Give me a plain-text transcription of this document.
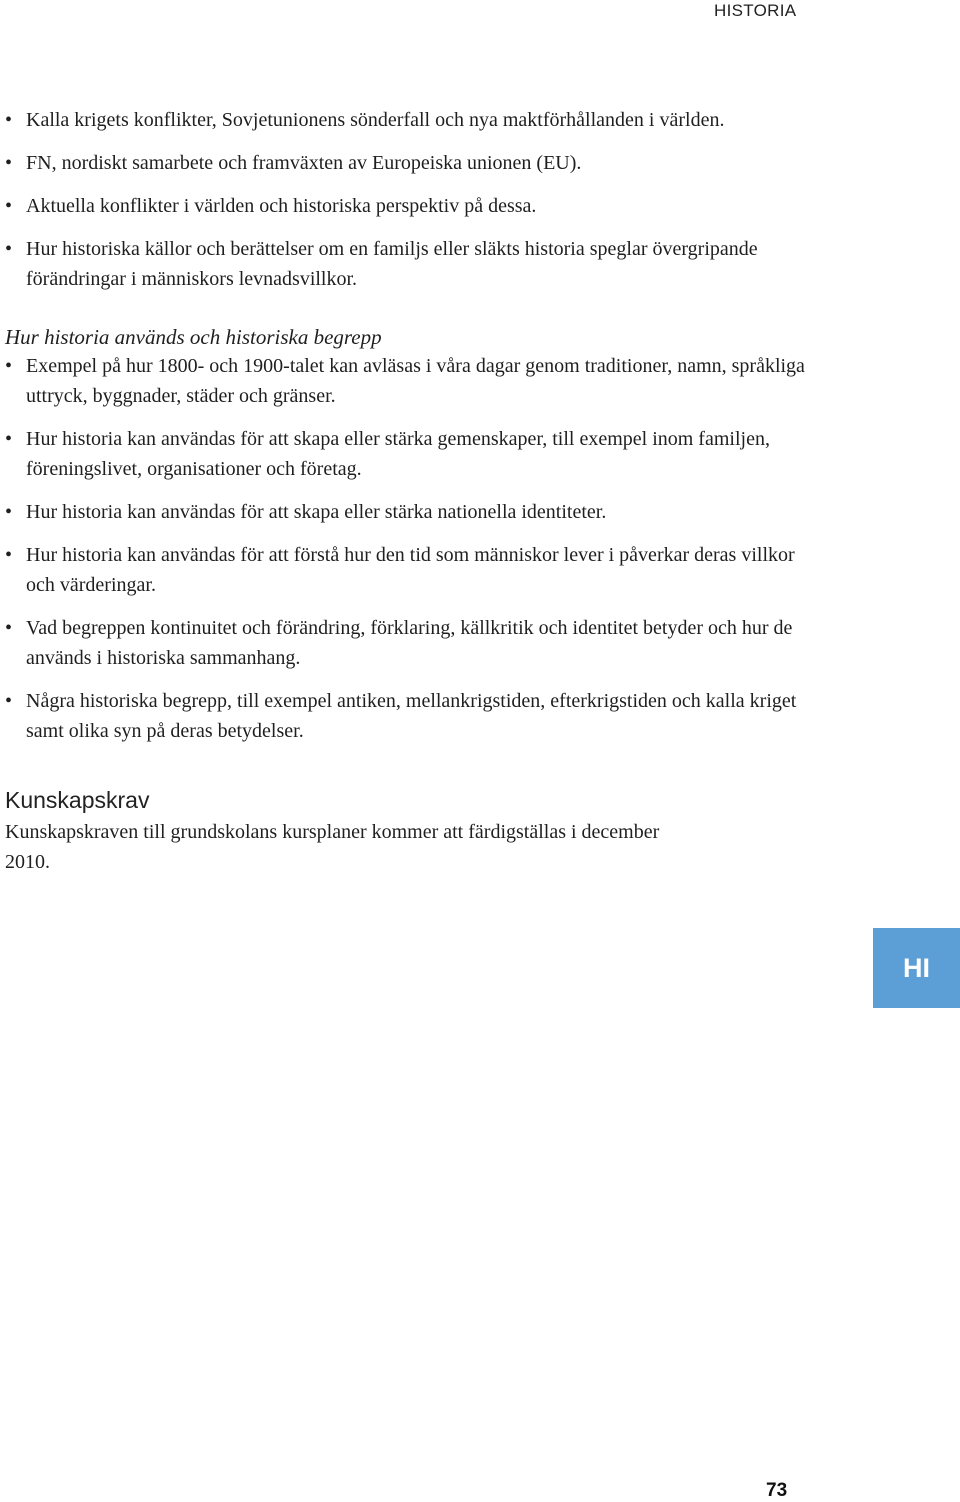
HISTORIA
• Kalla krigets konflikter, Sovjetunionens sönderfall och nya maktförhållanden i världen.
• FN, nordiskt samarbete och framväxten av Europeiska unionen (EU).
• Aktuella konflikter i världen och historiska perspektiv på dessa.
• Hur historiska källor och berättelser om en familjs eller släkts historia speglar övergripande förändringar i människors levnadsvillkor.
Hur historia används och historiska begrepp
• Exempel på hur 1800- och 1900-talet kan avläsas i våra dagar genom traditioner, namn, språkliga uttryck, byggnader, städer och gränser.
• Hur historia kan användas för att skapa eller stärka gemenskaper, till exempel inom familjen, föreningslivet, organisationer och företag.
• Hur historia kan användas för att skapa eller stärka nationella identiteter.
• Hur historia kan användas för att förstå hur den tid som människor lever i påverkar deras villkor och värderingar.
• Vad begreppen kontinuitet och förändring, förklaring, källkritik och identitet betyder och hur de används i historiska sammanhang.
• Några historiska begrepp, till exempel antiken, mellankrigstiden, efterkrigstiden och kalla kriget samt olika syn på deras betydelser.
Kunskapskrav
Kunskapskraven till grundskolans kursplaner kommer att färdigställas i december 2010.
HI
73
